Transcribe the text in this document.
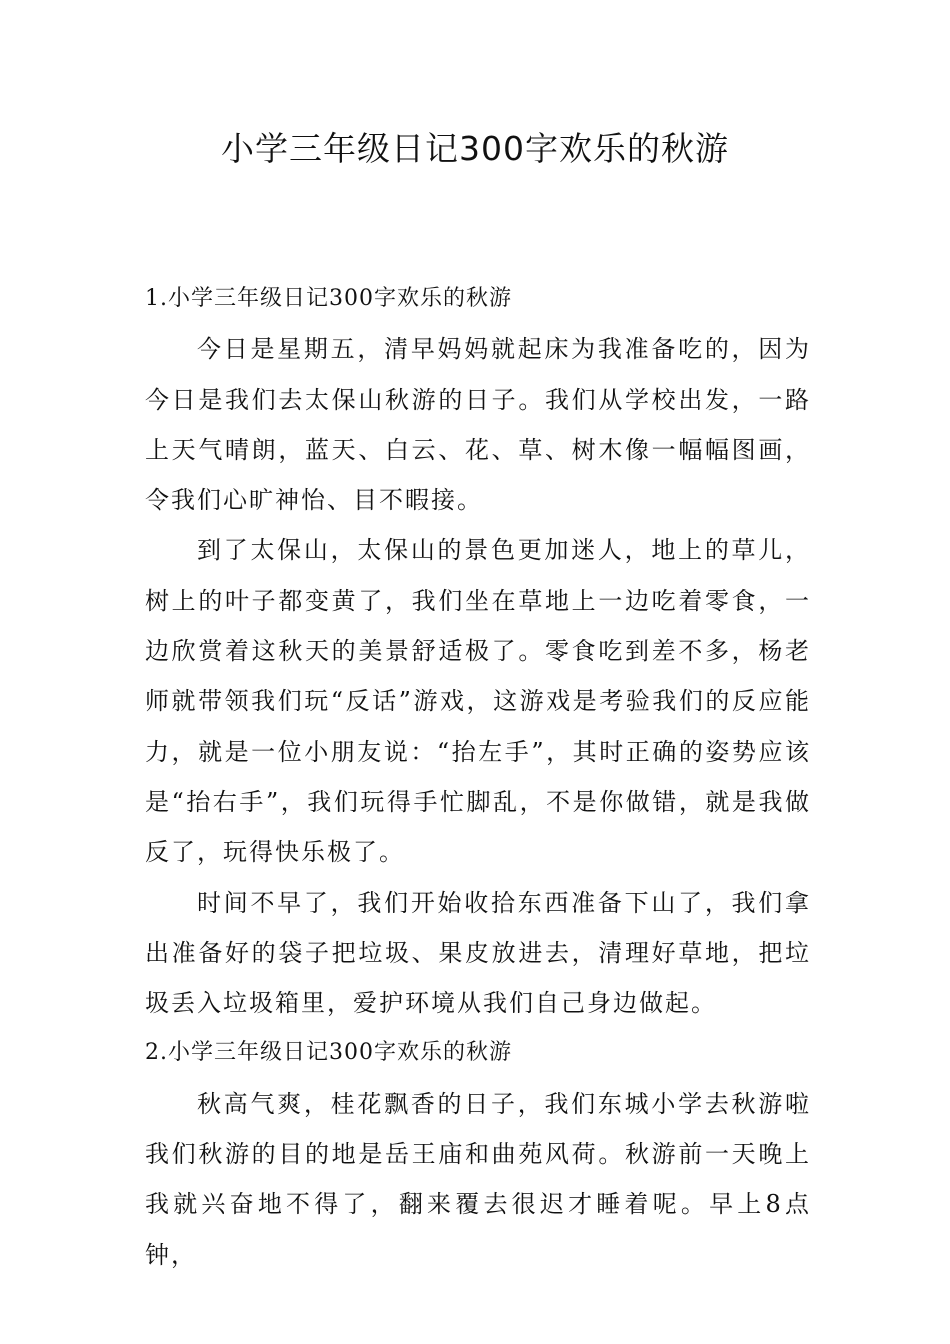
小学三年级日记300字欢乐的秋游
1.小学三年级日记300字欢乐的秋游

今日是星期五，清早妈妈就起床为我准备吃的，因为今日是我们去太保山秋游的日子。我们从学校出发，一路上天气晴朗，蓝天、白云、花、草、树木像一幅幅图画，令我们心旷神怡、目不暇接。

到了太保山，太保山的景色更加迷人，地上的草儿，树上的叶子都变黄了，我们坐在草地上一边吃着零食，一边欣赏着这秋天的美景舒适极了。零食吃到差不多，杨老师就带领我们玩“反话”游戏，这游戏是考验我们的反应能力，就是一位小朋友说：“抬左手”，其时正确的姿势应该是“抬右手”，我们玩得手忙脚乱，不是你做错，就是我做反了，玩得快乐极了。

时间不早了，我们开始收拾东西准备下山了，我们拿出准备好的袋子把垃圾、果皮放进去，清理好草地，把垃圾丢入垃圾箱里，爱护环境从我们自己身边做起。

2.小学三年级日记300字欢乐的秋游

秋高气爽，桂花飘香的日子，我们东城小学去秋游啦我们秋游的目的地是岳王庙和曲苑风荷。秋游前一天晚上我就兴奋地不得了，翻来覆去很迟才睡着呢。早上8点钟，
